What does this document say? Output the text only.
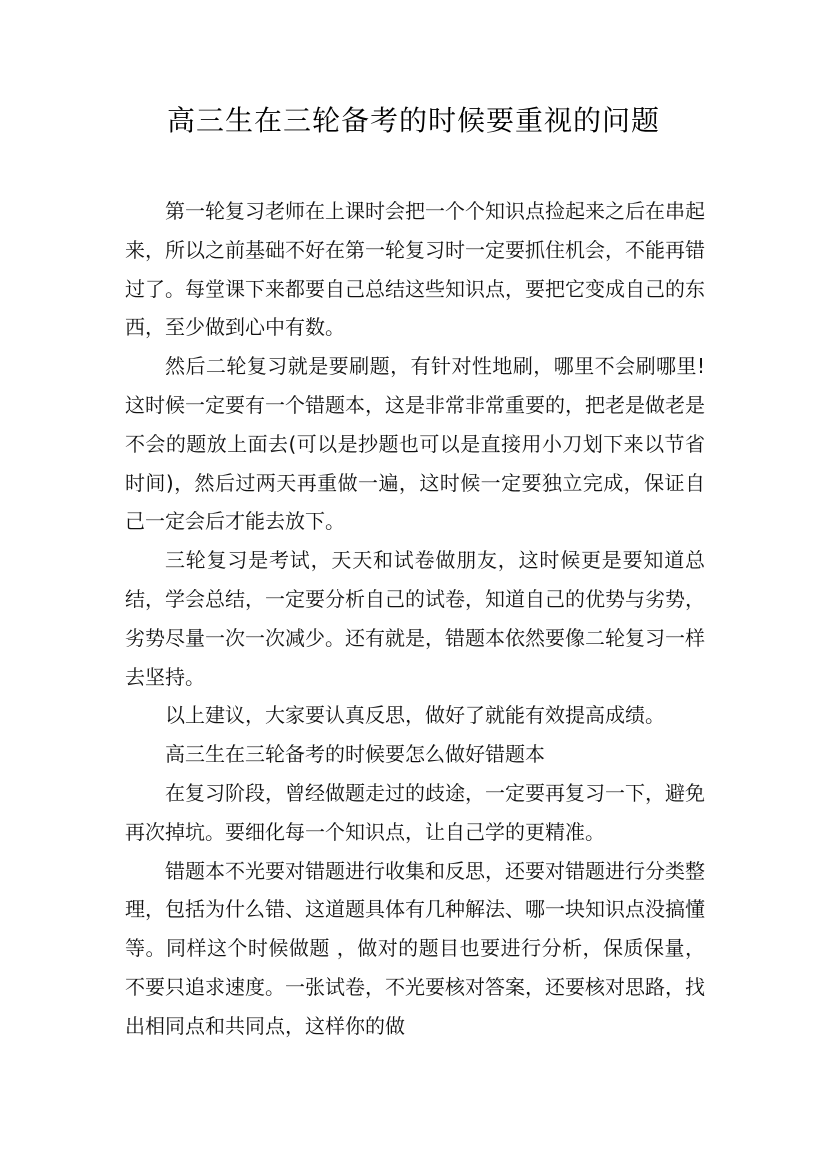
高三生在三轮备考的时候要重视的问题

第一轮复习老师在上课时会把一个个知识点捡起来之后在串起来，所以之前基础不好在第一轮复习时一定要抓住机会，不能再错过了。每堂课下来都要自己总结这些知识点，要把它变成自己的东西，至少做到心中有数。

然后二轮复习就是要刷题，有针对性地刷，哪里不会刷哪里!这时候一定要有一个错题本，这是非常非常重要的，把老是做老是不会的题放上面去(可以是抄题也可以是直接用小刀划下来以节省时间)，然后过两天再重做一遍，这时候一定要独立完成，保证自己一定会后才能去放下。

三轮复习是考试，天天和试卷做朋友，这时候更是要知道总结，学会总结，一定要分析自己的试卷，知道自己的优势与劣势，劣势尽量一次一次减少。还有就是，错题本依然要像二轮复习一样去坚持。

以上建议，大家要认真反思，做好了就能有效提高成绩。

高三生在三轮备考的时候要怎么做好错题本

在复习阶段，曾经做题走过的歧途，一定要再复习一下，避免再次掉坑。要细化每一个知识点，让自己学的更精准。

错题本不光要对错题进行收集和反思，还要对错题进行分类整理，包括为什么错、这道题具体有几种解法、哪一块知识点没搞懂等。同样这个时候做题 ，做对的题目也要进行分析，保质保量，不要只追求速度。一张试卷，不光要核对答案，还要核对思路，找出相同点和共同点，这样你的做
